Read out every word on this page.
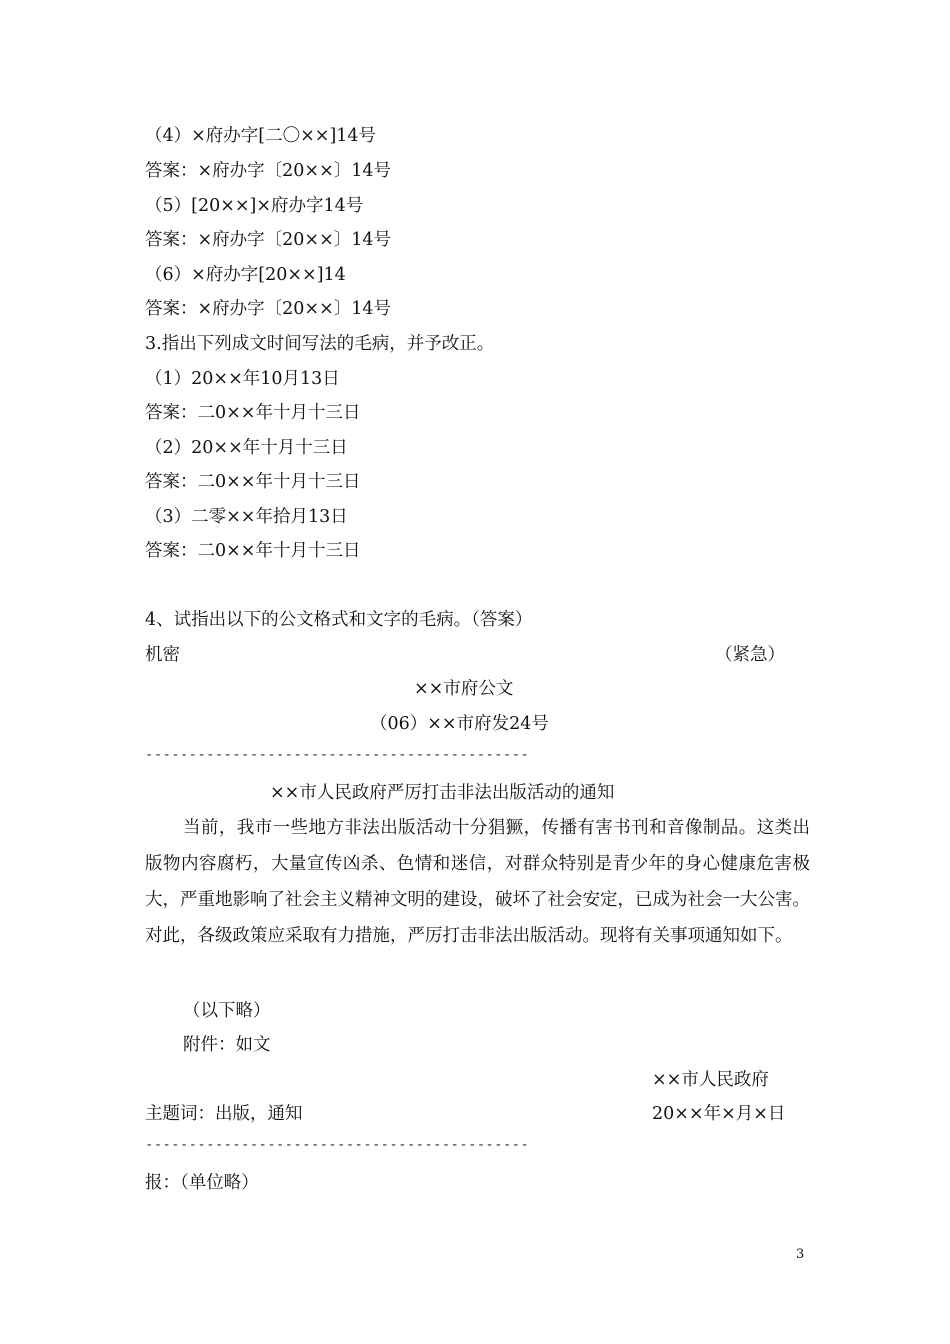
（4）×府办字[二〇××]14号
答案：×府办字〔20××〕14号
（5）[20××]×府办字14号
答案：×府办字〔20××〕14号
（6）×府办字[20××]14
答案：×府办字〔20××〕14号
3.指出下列成文时间写法的毛病，并予改正。
（1）20××年10月13日
答案：二0××年十月十三日
（2）20××年十月十三日
答案：二0××年十月十三日
（3）二零××年拾月13日
答案：二0××年十月十三日
4、试指出以下的公文格式和文字的毛病。（答案）
机密	（紧急）
××市府公文
（06）××市府发24号
--------------------------------------------
××市人民政府严厉打击非法出版活动的通知
当前，我市一些地方非法出版活动十分猖獗，传播有害书刊和音像制品。这类出版物内容腐朽，大量宣传凶杀、色情和迷信，对群众特别是青少年的身心健康危害极大，严重地影响了社会主义精神文明的建设，破坏了社会安定，已成为社会一大公害。对此，各级政策应采取有力措施，严厉打击非法出版活动。现将有关事项通知如下。
（以下略）
附件：如文
××市人民政府
主题词：出版，通知	20××年×月×日
--------------------------------------------
报：（单位略）
3
